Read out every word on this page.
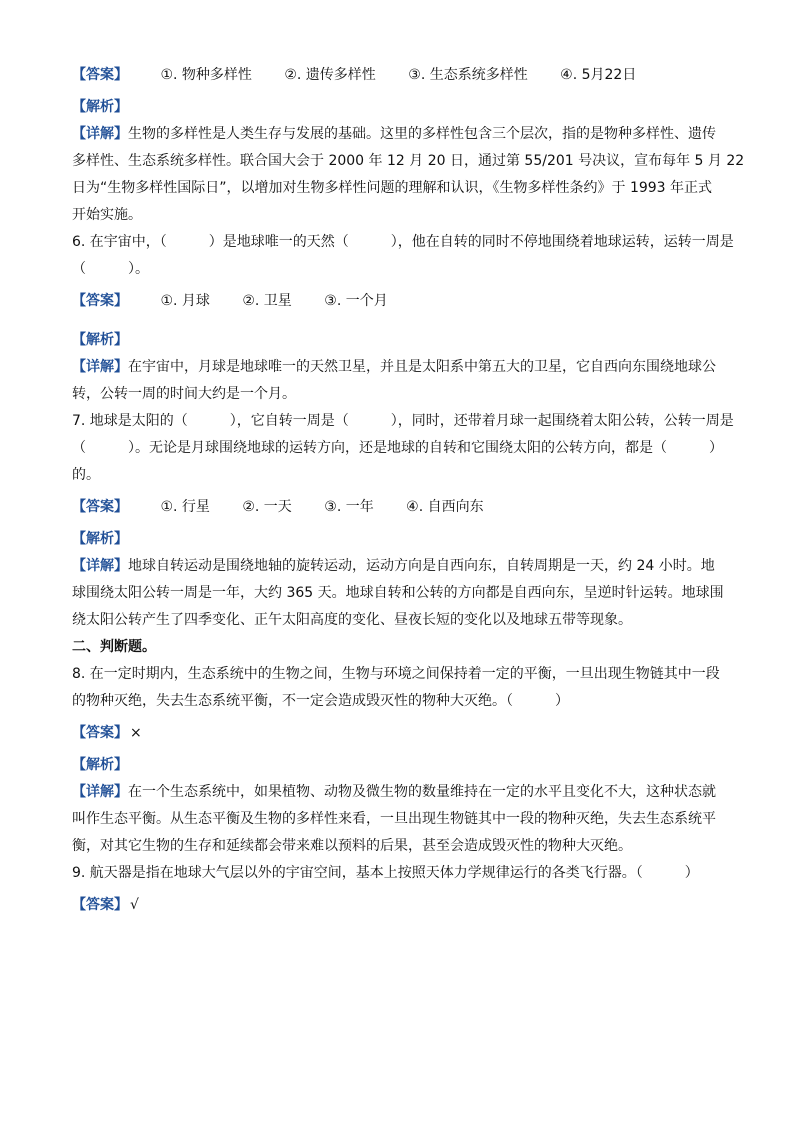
【答案】 ①. 物种多样性 ②. 遗传多样性 ③. 生态系统多样性 ④. 5月22日
【解析】
【详解】生物的多样性是人类生存与发展的基础。这里的多样性包含三个层次，指的是物种多样性、遗传
多样性、生态系统多样性。联合国大会于 2000 年 12 月 20 日，通过第 55/201 号决议，宣布每年 5 月 22
日为“生物多样性国际日”，以增加对生物多样性问题的理解和认识，《生物多样性条约》于 1993 年正式
开始实施。
6. 在宇宙中，（　　　）是地球唯一的天然（　　　），他在自转的同时不停地围绕着地球运转，运转一周是
（　　　）。
【答案】 ①. 月球 ②. 卫星 ③. 一个月
【解析】
【详解】在宇宙中，月球是地球唯一的天然卫星，并且是太阳系中第五大的卫星，它自西向东围绕地球公
转，公转一周的时间大约是一个月。
7. 地球是太阳的（　　　），它自转一周是（　　　），同时，还带着月球一起围绕着太阳公转，公转一周是
（　　　）。无论是月球围绕地球的运转方向，还是地球的自转和它围绕太阳的公转方向，都是（　　　）
的。
【答案】 ①. 行星 ②. 一天 ③. 一年 ④. 自西向东
【解析】
【详解】地球自转运动是围绕地轴的旋转运动，运动方向是自西向东，自转周期是一天，约 24 小时。地
球围绕太阳公转一周是一年，大约 365 天。地球自转和公转的方向都是自西向东，呈逆时针运转。地球围
绕太阳公转产生了四季变化、正午太阳高度的变化、昼夜长短的变化以及地球五带等现象。
二、判断题。
8. 在一定时期内，生态系统中的生物之间，生物与环境之间保持着一定的平衡，一旦出现生物链其中一段
的物种灭绝，失去生态系统平衡，不一定会造成毁灭性的物种大灭绝。（　　　）
【答案】 ×
【解析】
【详解】在一个生态系统中，如果植物、动物及微生物的数量维持在一定的水平且变化不大，这种状态就
叫作生态平衡。从生态平衡及生物的多样性来看，一旦出现生物链其中一段的物种灭绝，失去生态系统平
衡，对其它生物的生存和延续都会带来难以预料的后果，甚至会造成毁灭性的物种大灭绝。
9. 航天器是指在地球大气层以外的宇宙空间，基本上按照天体力学规律运行的各类飞行器。（　　　）
【答案】 √
